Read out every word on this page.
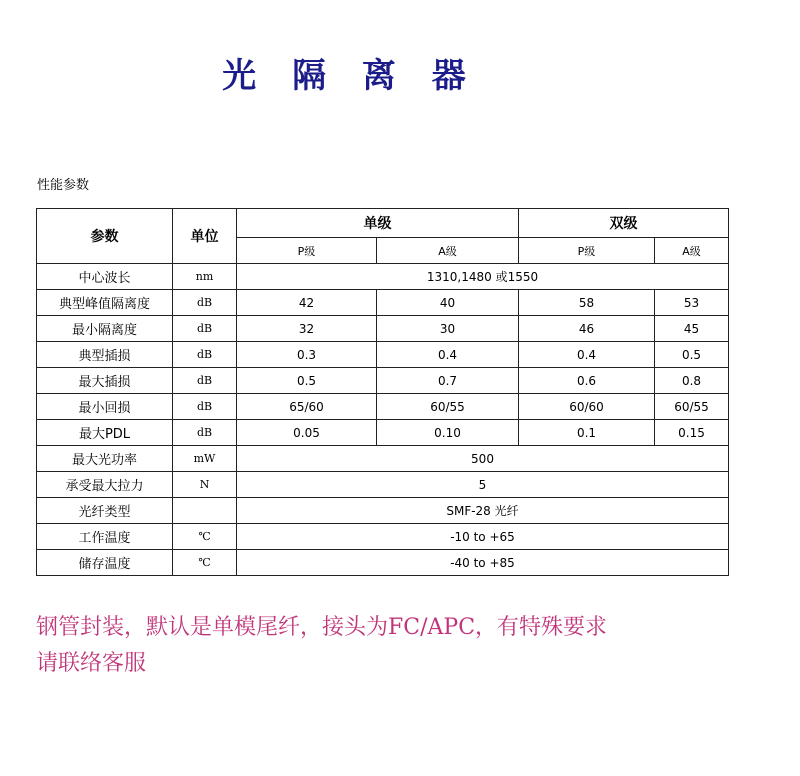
光 隔 离 器
性能参数
参数	单位	单级		双级	
		P级	A级	P级	A级
中心波长	nm	1310,1480 或1550			
典型峰值隔离度	dB	42	40	58	53
最小隔离度	dB	32	30	46	45
典型插损	dB	0.3	0.4	0.4	0.5
最大插损	dB	0.5	0.7	0.6	0.8
最小回损	dB	65/60	60/55	60/60	60/55
最大PDL	dB	0.05	0.10	0.1	0.15
最大光功率	mW	500			
承受最大拉力	N	5			
光纤类型		SMF-28 光纤			
工作温度	℃	-10 to +65			
储存温度	℃	-40 to +85			
钢管封装，默认是单模尾纤，接头为FC/APC，有特殊要求
请联络客服
